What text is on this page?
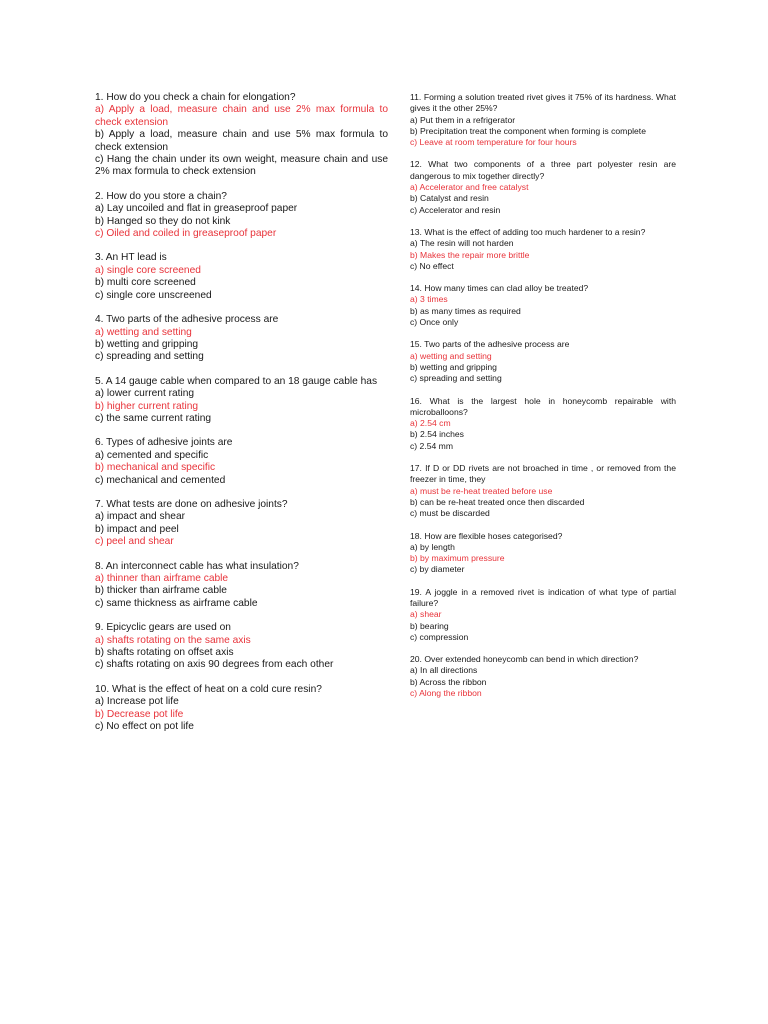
1. How do you check a chain for elongation?
a) Apply a load, measure chain and use 2% max formula to check extension
b) Apply a load, measure chain and use 5% max formula to check extension
c) Hang the chain under its own weight, measure chain and use 2% max formula to check extension
2. How do you store a chain?
a) Lay uncoiled and flat in greaseproof paper
b) Hanged so they do not kink
c) Oiled and coiled in greaseproof paper
3. An HT lead is
a) single core screened
b) multi core screened
c) single core unscreened
4. Two parts of the adhesive process are
a) wetting and setting
b) wetting and gripping
c) spreading and setting
5. A 14 gauge cable when compared to an 18 gauge cable has
a) lower current rating
b) higher current rating
c) the same current rating
6. Types of adhesive joints are
a) cemented and specific
b) mechanical and specific
c) mechanical and cemented
7. What tests are done on adhesive joints?
a) impact and shear
b) impact and peel
c) peel and shear
8. An interconnect cable has what insulation?
a) thinner than airframe cable
b) thicker than airframe cable
c) same thickness as airframe cable
9. Epicyclic gears are used on
a) shafts rotating on the same axis
b) shafts rotating on offset axis
c) shafts rotating on axis 90 degrees from each other
10. What is the effect of heat on a cold cure resin?
a) Increase pot life
b) Decrease pot life
c) No effect on pot life
11. Forming a solution treated rivet gives it 75% of its hardness. What gives it the other 25%?
a) Put them in a refrigerator
b) Precipitation treat the component when forming is complete
c) Leave at room temperature for four hours
12. What two components of a three part polyester resin are dangerous to mix together directly?
a) Accelerator and free catalyst
b) Catalyst and resin
c) Accelerator and resin
13. What is the effect of adding too much hardener to a resin?
a) The resin will not harden
b) Makes the repair more brittle
c) No effect
14. How many times can clad alloy be treated?
a) 3 times
b) as many times as required
c) Once only
15. Two parts of the adhesive process are
a) wetting and setting
b) wetting and gripping
c) spreading and setting
16. What is the largest hole in honeycomb repairable with microballoons?
a) 2.54 cm
b) 2.54 inches
c) 2.54 mm
17. If D or DD rivets are not broached in time , or removed from the freezer in time, they
a) must be re-heat treated before use
b) can be re-heat treated once then discarded
c) must be discarded
18. How are flexible hoses categorised?
a) by length
b) by maximum pressure
c) by diameter
19. A joggle in a removed rivet is indication of what type of partial failure?
a) shear
b) bearing
c) compression
20. Over extended honeycomb can bend in which direction?
a) In all directions
b) Across the ribbon
c) Along the ribbon
